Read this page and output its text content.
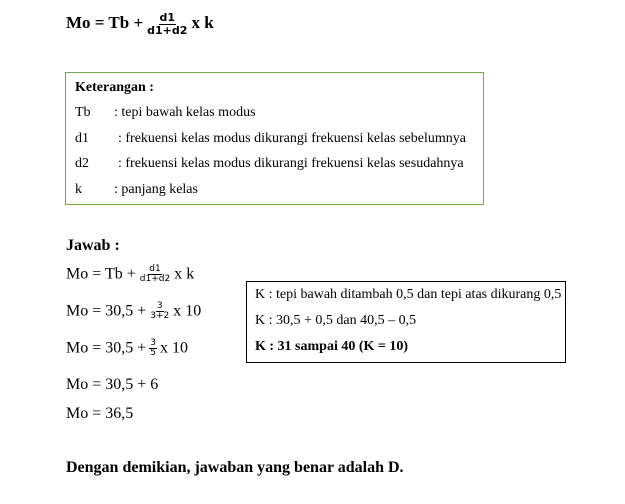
$Mo = Tb + \frac{d1}{d1+d2}$ x k
Keterangan :
Tb : tepi bawah kelas modus
d1 : frekuensi kelas modus dikurangi frekuensi kelas sebelumnya
d2 : frekuensi kelas modus dikurangi frekuensi kelas sesudahnya
k : panjang kelas
Jawab :
$Mo = Tb + \frac{d1}{d1+d2}$ x k
$Mo = 30,5 + \frac{3}{3+2}$ x 10
$Mo = 30,5 + \frac{3}{5}$ x 10
Mo = 30,5 + 6
Mo = 36,5
K : tepi bawah ditambah 0,5 dan tepi atas dikurang 0,5
K : 30,5 + 0,5 dan 40,5 – 0,5
K : 31 sampai 40 (K = 10)
Dengan demikian, jawaban yang benar adalah D.
